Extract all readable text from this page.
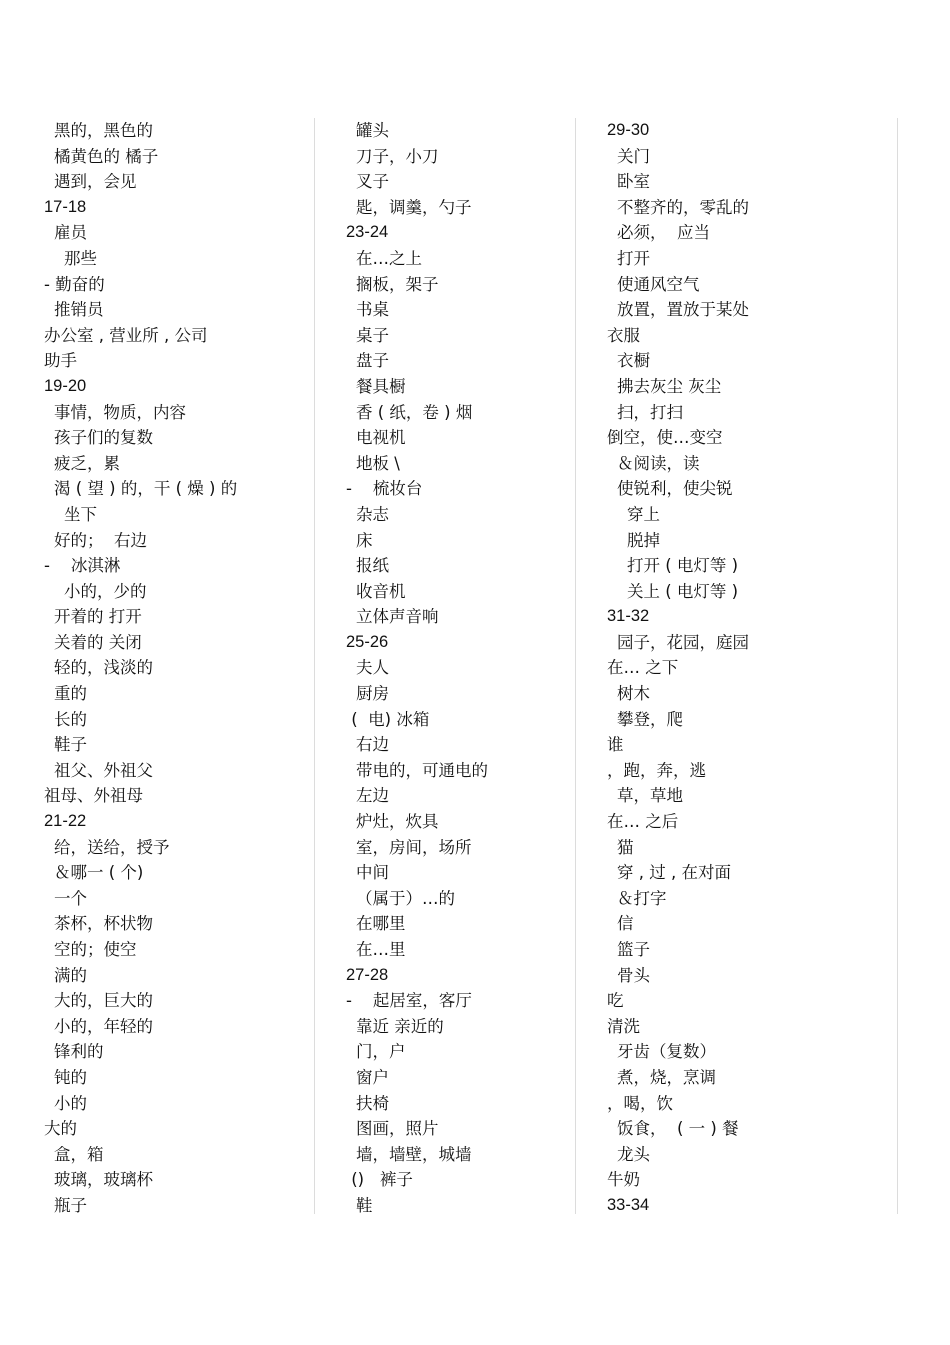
黑的，黑色的
橘黄色的 橘子
遇到，会见
17-18
雇员
那些
- 勤奋的
推销员
办公室 , 营业所 , 公司
助手
19-20
事情，物质，内容
孩子们的复数
疲乏，累
渴 ( 望 ) 的，干 ( 燥 ) 的
坐下
好的；  右边
-    冰淇淋
小的，少的
开着的 打开
关着的 关闭
轻的，浅淡的
重的
长的
鞋子
祖父、外祖父
祖母、外祖母
21-22
给，送给，授予
＆哪一 ( 个)
一个
茶杯，杯状物
空的；使空
满的
大的，巨大的
小的，年轻的
锋利的
钝的
小的
大的
盒，箱
玻璃，玻璃杯
瓶子
罐头
刀子，小刀
叉子
匙，调羹，勺子
23-24
在…之上
搁板，架子
书桌
桌子
盘子
餐具橱
香 ( 纸，卷 ) 烟
电视机
地板 \
-    梳妆台
杂志
床
报纸
收音机
立体声音响
25-26
夫人
厨房
(  电) 冰箱
右边
带电的，可通电的
左边
炉灶，炊具
室，房间，场所
中间
（属于）…的
在哪里
在…里
27-28
-    起居室，客厅
靠近 亲近的
门，户
窗户
扶椅
图画，照片
墙，墙壁，城墙
()   裤子
鞋
29-30
关门
卧室
不整齐的，零乱的
必须，  应当
打开
使通风空气
放置，置放于某处
衣服
衣橱
拂去灰尘 灰尘
扫，打扫
倒空，使…变空
＆阅读，读
使锐利，使尖锐
穿上
脱掉
打开 ( 电灯等 )
关上 ( 电灯等 )
31-32
园子，花园，庭园
在… 之下
树木
攀登，爬
谁
，跑，奔，逃
草，草地
在… 之后
猫
穿 , 过 , 在对面
＆打字
信
篮子
骨头
吃
清洗
牙齿（复数）
煮，烧，烹调
，喝，饮
饭食，  ( 一 ) 餐
龙头
牛奶
33-34
